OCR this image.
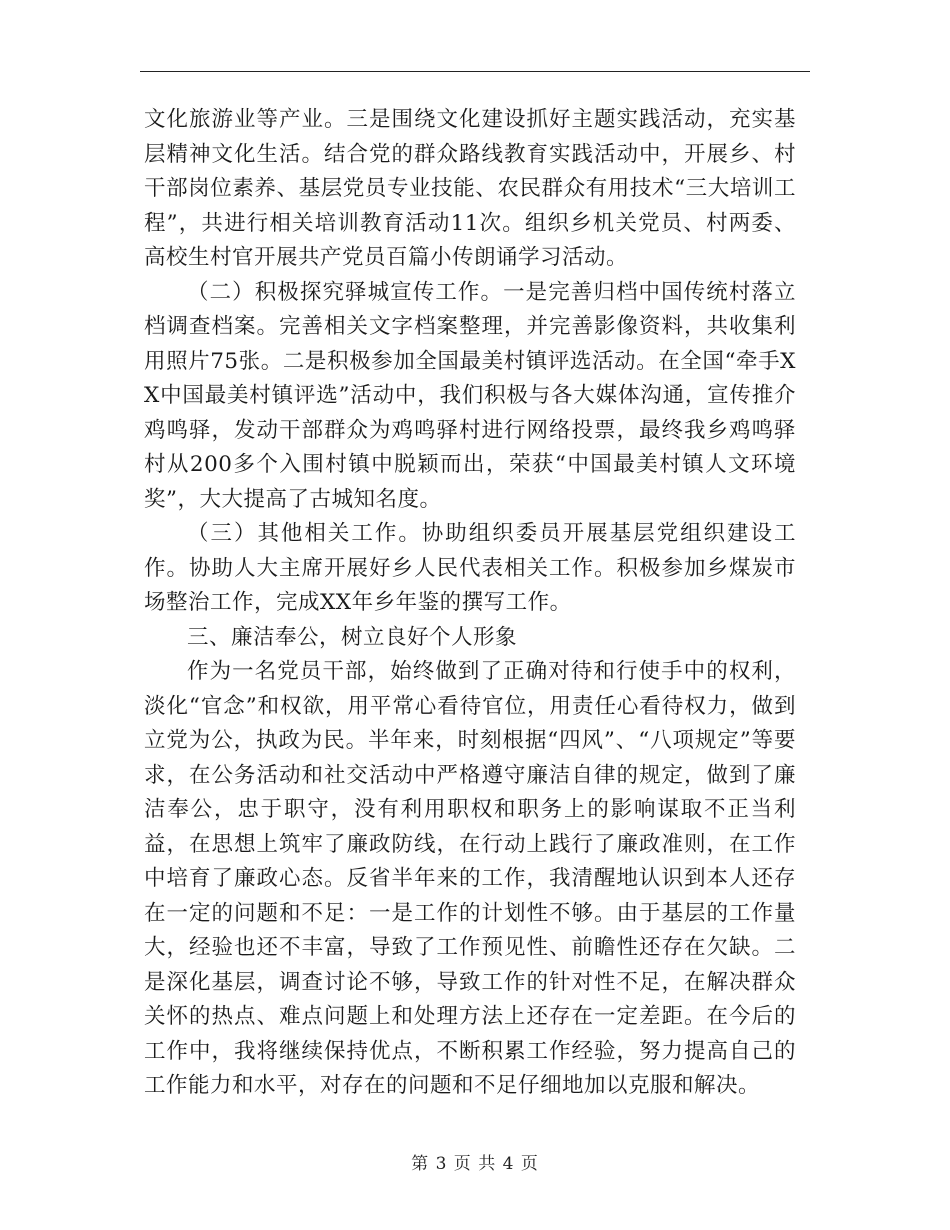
文化旅游业等产业。三是围绕文化建设抓好主题实践活动，充实基层精神文化生活。结合党的群众路线教育实践活动中，开展乡、村干部岗位素养、基层党员专业技能、农民群众有用技术“三大培训工程”，共进行相关培训教育活动11次。组织乡机关党员、村两委、高校生村官开展共产党员百篇小传朗诵学习活动。

（二）积极探究驿城宣传工作。一是完善归档中国传统村落立档调查档案。完善相关文字档案整理，并完善影像资料，共收集利用照片75张。二是积极参加全国最美村镇评选活动。在全国“牵手XX中国最美村镇评选”活动中，我们积极与各大媒体沟通，宣传推介鸡鸣驿，发动干部群众为鸡鸣驿村进行网络投票，最终我乡鸡鸣驿村从200多个入围村镇中脱颖而出，荣获“中国最美村镇人文环境奖”，大大提高了古城知名度。

（三）其他相关工作。协助组织委员开展基层党组织建设工作。协助人大主席开展好乡人民代表相关工作。积极参加乡煤炭市场整治工作，完成XX年乡年鉴的撰写工作。

三、廉洁奉公，树立良好个人形象

作为一名党员干部，始终做到了正确对待和行使手中的权利，淡化“官念”和权欲，用平常心看待官位，用责任心看待权力，做到立党为公，执政为民。半年来，时刻根据“四风”、“八项规定”等要求，在公务活动和社交活动中严格遵守廉洁自律的规定，做到了廉洁奉公，忠于职守，没有利用职权和职务上的影响谋取不正当利益，在思想上筑牢了廉政防线，在行动上践行了廉政准则，在工作中培育了廉政心态。反省半年来的工作，我清醒地认识到本人还存在一定的问题和不足：一是工作的计划性不够。由于基层的工作量大，经验也还不丰富，导致了工作预见性、前瞻性还存在欠缺。二是深化基层，调查讨论不够，导致工作的针对性不足，在解决群众关怀的热点、难点问题上和处理方法上还存在一定差距。在今后的工作中，我将继续保持优点，不断积累工作经验，努力提高自己的工作能力和水平，对存在的问题和不足仔细地加以克服和解决。

第 3 页 共 4 页
